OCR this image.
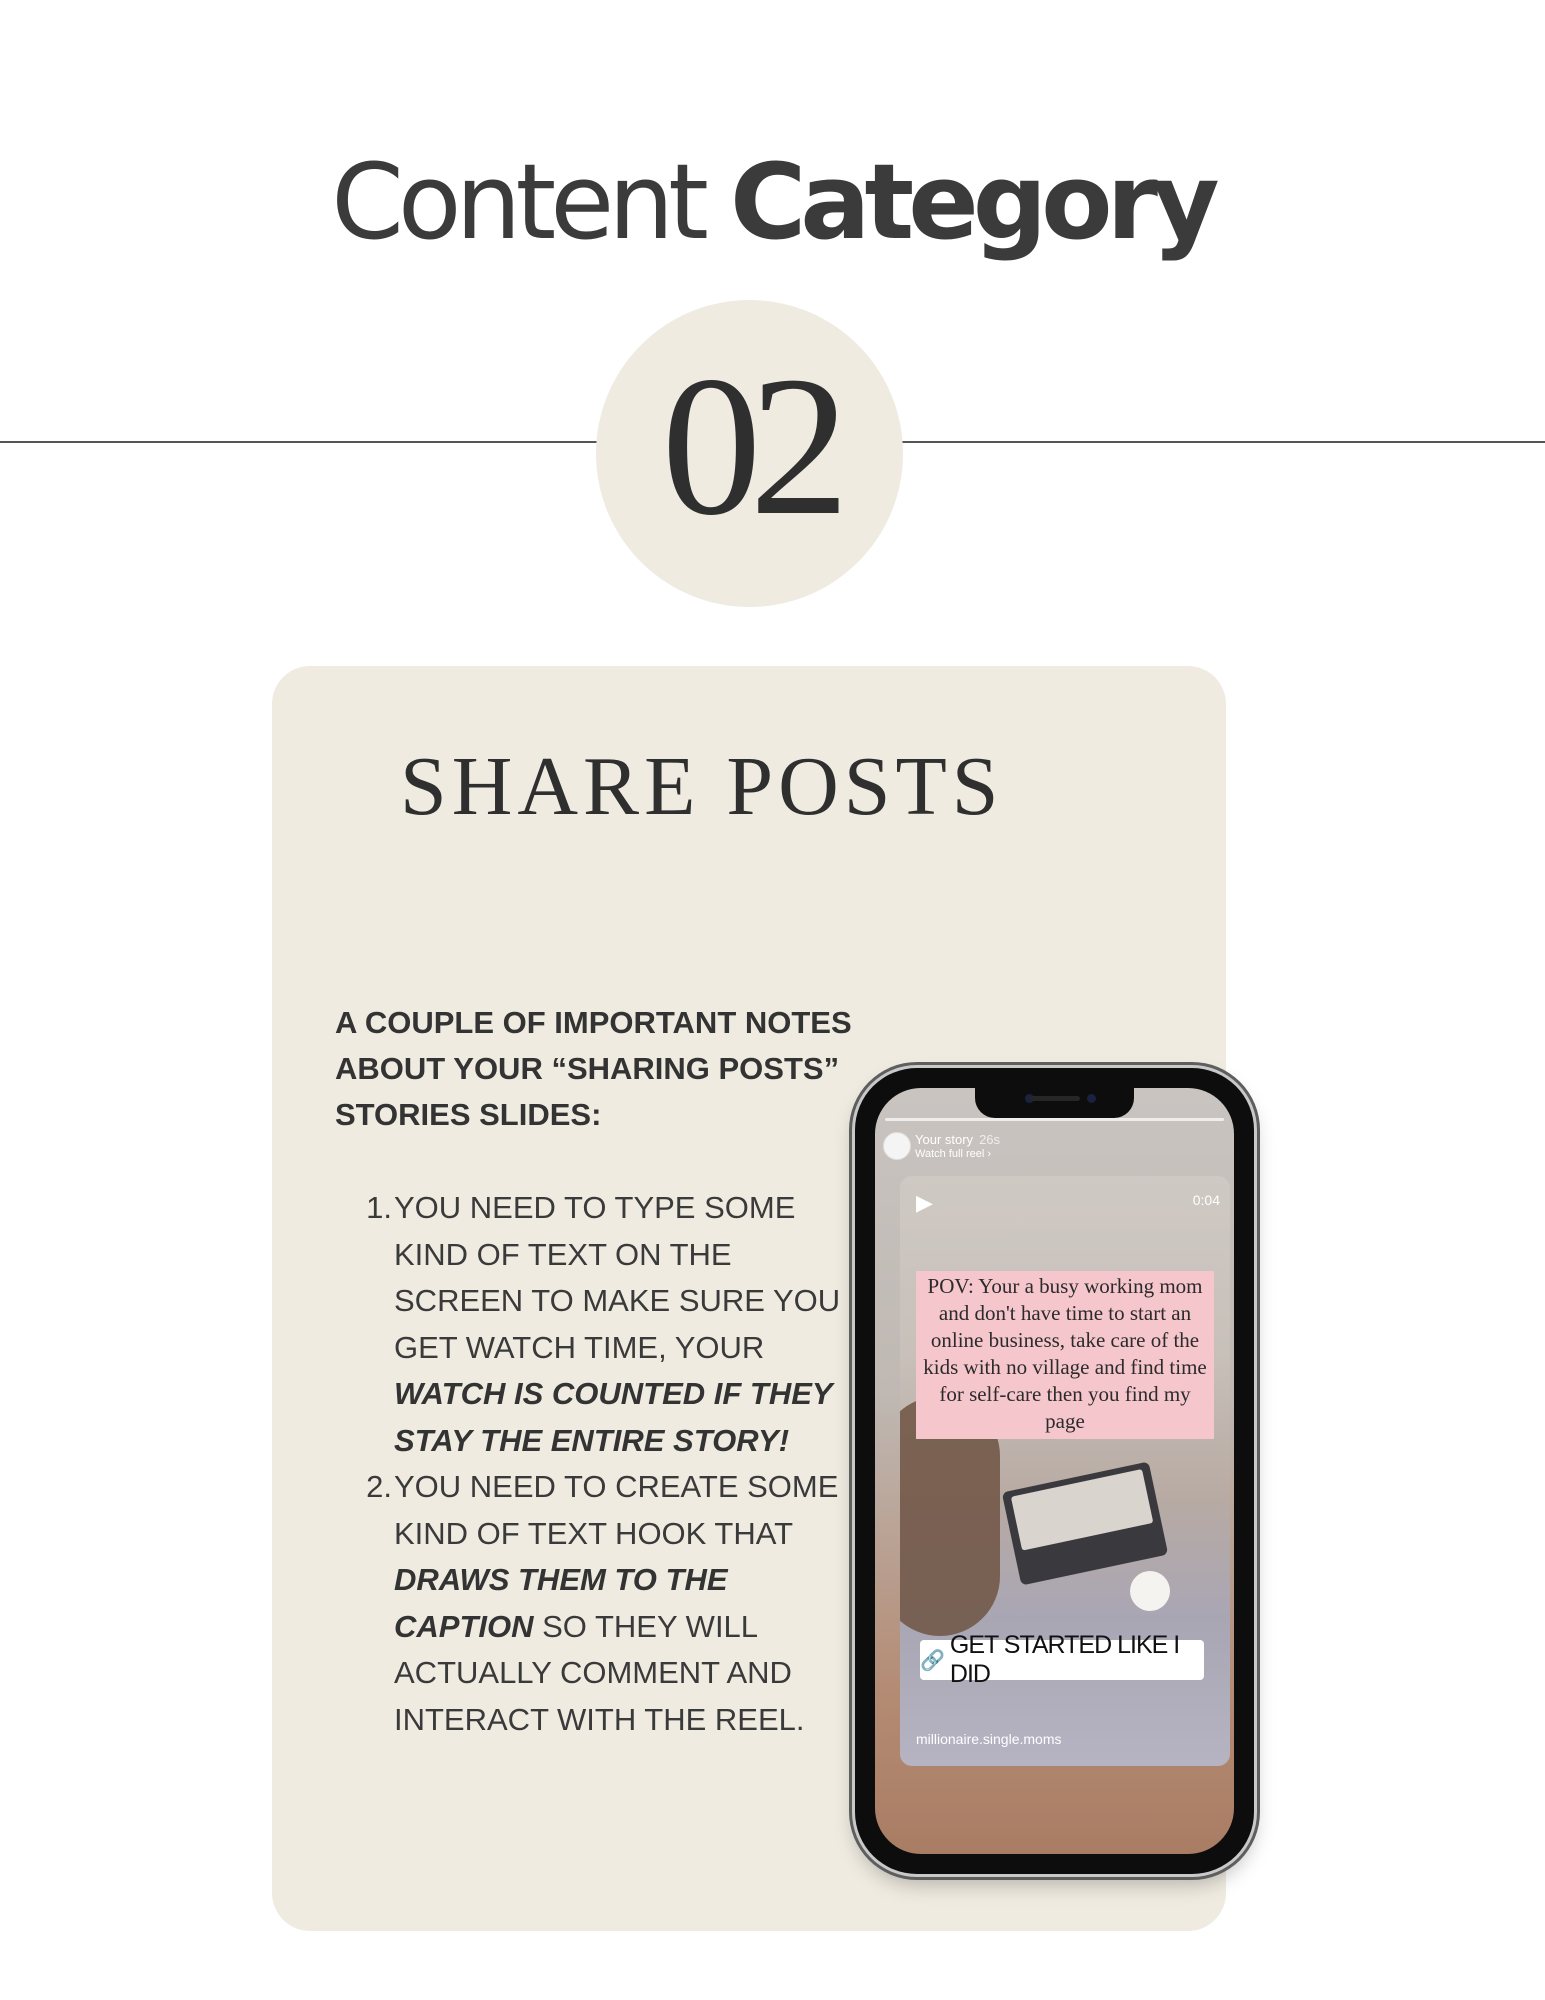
Content Category
02
SHARE POSTS
A COUPLE OF IMPORTANT NOTES ABOUT YOUR “SHARING POSTS” STORIES SLIDES:
1. YOU NEED TO TYPE SOME KIND OF TEXT ON THE SCREEN TO MAKE SURE YOU GET WATCH TIME, YOUR WATCH IS COUNTED IF THEY STAY THE ENTIRE STORY!
2. YOU NEED TO CREATE SOME KIND OF TEXT HOOK THAT DRAWS THEM TO THE CAPTION SO THEY WILL ACTUALLY COMMENT AND INTERACT WITH THE REEL.
Your story 26s
Watch full reel ›
▶	0:04
POV: Your a busy working mom and don't have time to start an online business, take care of the kids with no village and find time for self-care then you find my page
🔗
GET STARTED LIKE I DID
millionaire.single.moms
